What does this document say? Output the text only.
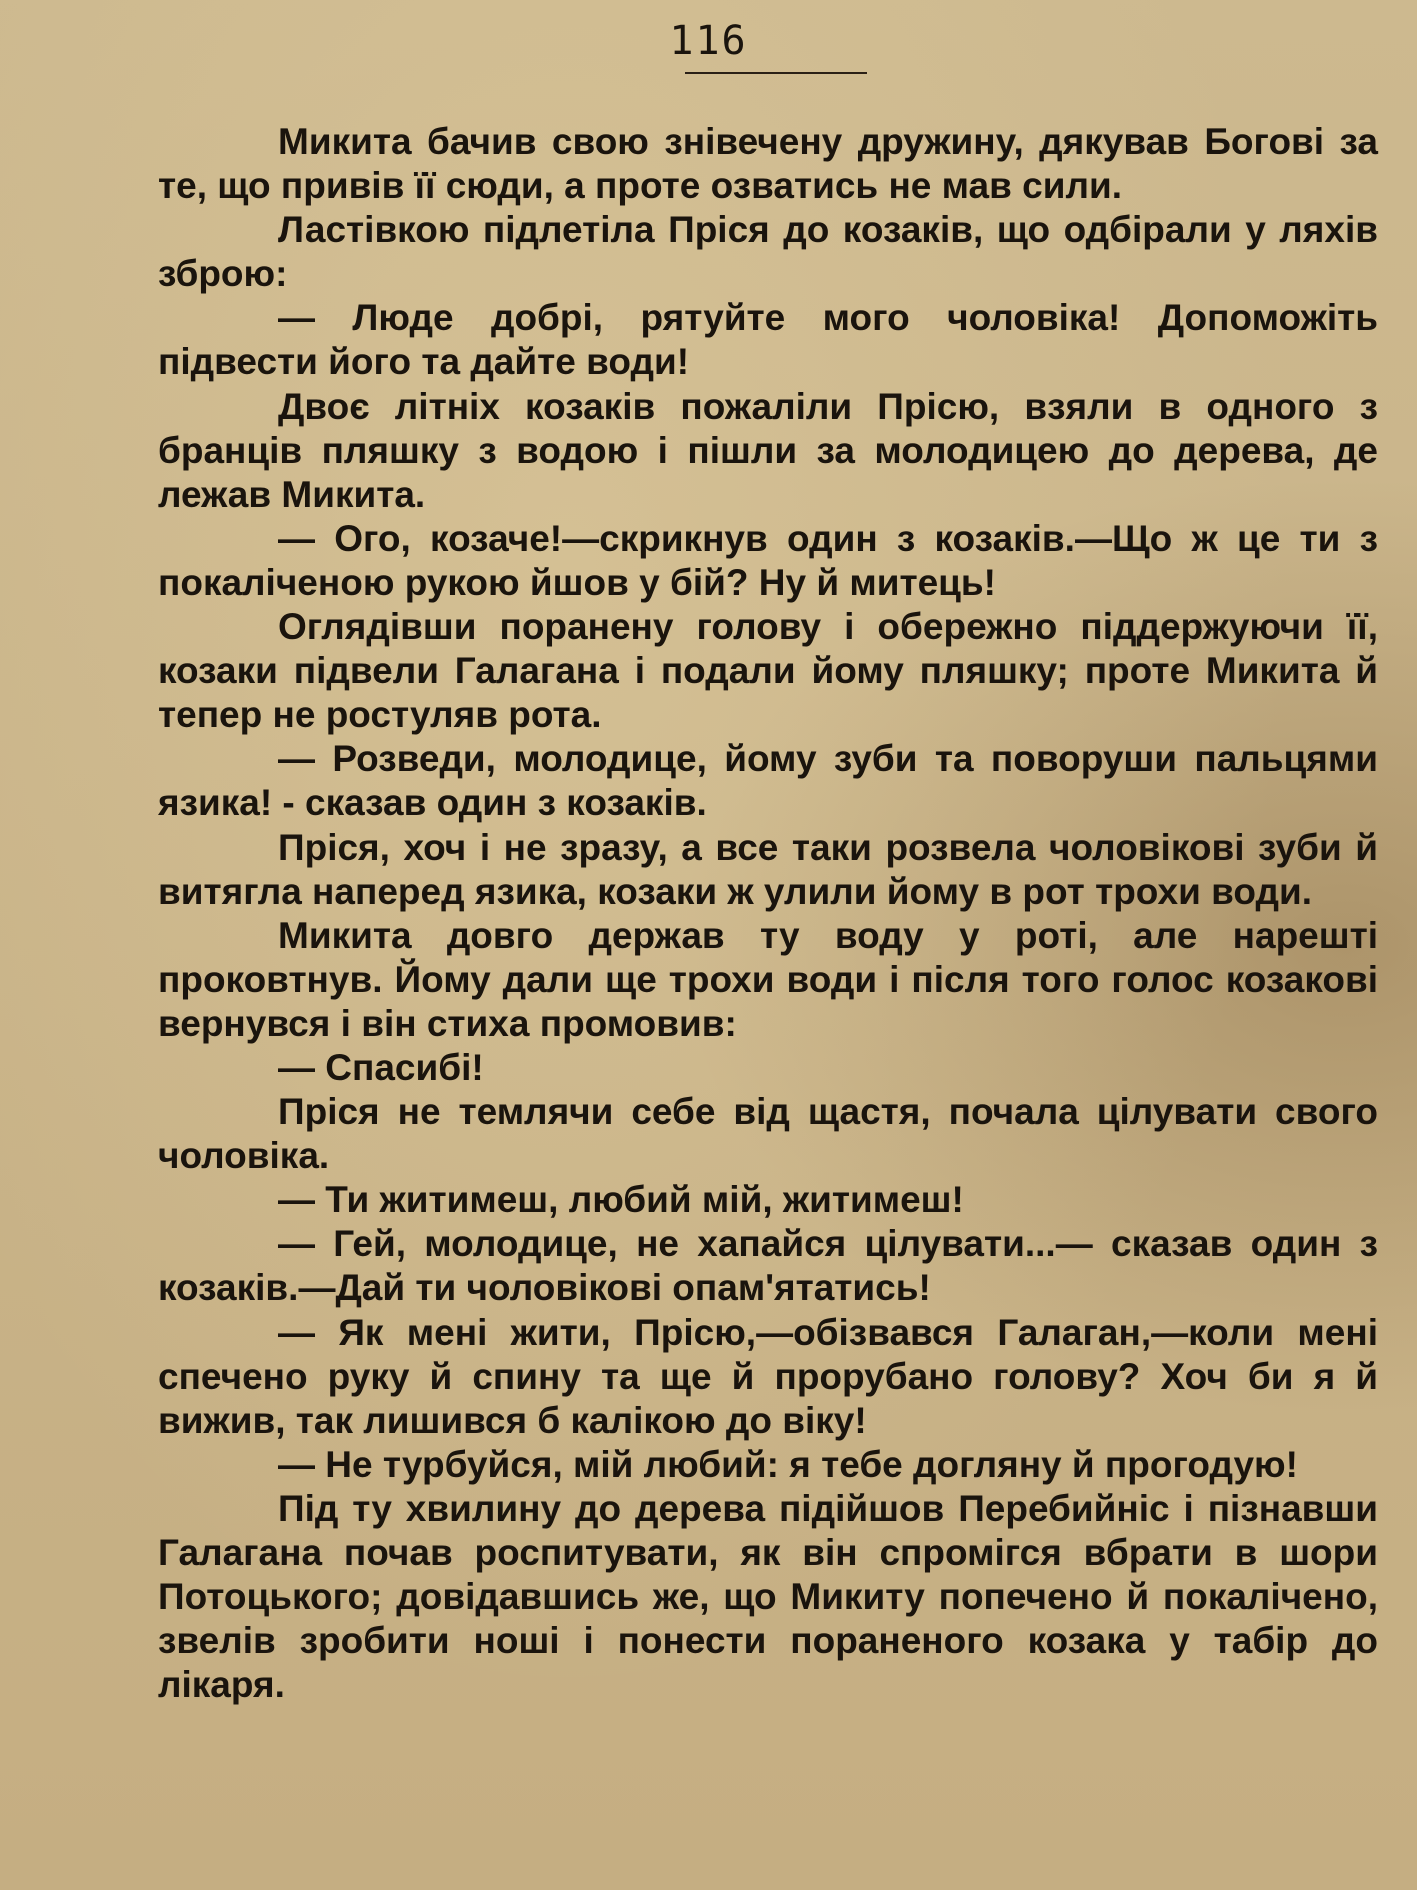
116

Микита бачив свою знівечену дружину, дякував Богові за те, що привів її сюди, а проте озватись не мав сили.

Ластівкою підлетіла Пріся до козаків, що одбірали у ляхів зброю:

— Люде добрі, рятуйте мого чоловіка! Допоможіть підвести його та дайте води!

Двоє літніх козаків пожаліли Прісю, взяли в одного з бранців пляшку з водою і пішли за молодицею до дерева, де лежав Микита.

— Ого, козаче!—скрикнув один з козаків.—Що ж це ти з покаліченою рукою йшов у бій? Ну й митець!

Оглядівши поранену голову і обережно піддержуючи її, козаки підвели Галагана і подали йому пляшку; проте Микита й тепер не ростуляв рота.

— Розведи, молодице, йому зуби та поворуши пальцями язика! - сказав один з козаків.

Пріся, хоч і не зразу, а все таки розвела чоловікові зуби й витягла наперед язика, козаки ж улили йому в рот трохи води.

Микита довго держав ту воду у роті, але нарешті проковтнув. Йому дали ще трохи води і після того голос козакові вернувся і він стиха промовив:

— Спасибі!

Пріся не темлячи себе від щастя, почала цілувати свого чоловіка.

— Ти житимеш, любий мій, житимеш!

— Гей, молодице, не хапайся цілувати...— сказав один з козаків.—Дай ти чоловікові опам'ятатись!

— Як мені жити, Прісю,—обізвався Галаган,—коли мені спечено руку й спину та ще й прорубано голову? Хоч би я й вижив, так лишився б калікою до віку!

— Не турбуйся, мій любий: я тебе догляну й прогодую!

Під ту хвилину до дерева підійшов Перебийніс і пізнавши Галагана почав роспитувати, як він спромігся вбрати в шори Потоцького; довідавшись же, що Микиту попечено й покалічено, звелів зробити ноші і понести пораненого козака у табір до лікаря.
